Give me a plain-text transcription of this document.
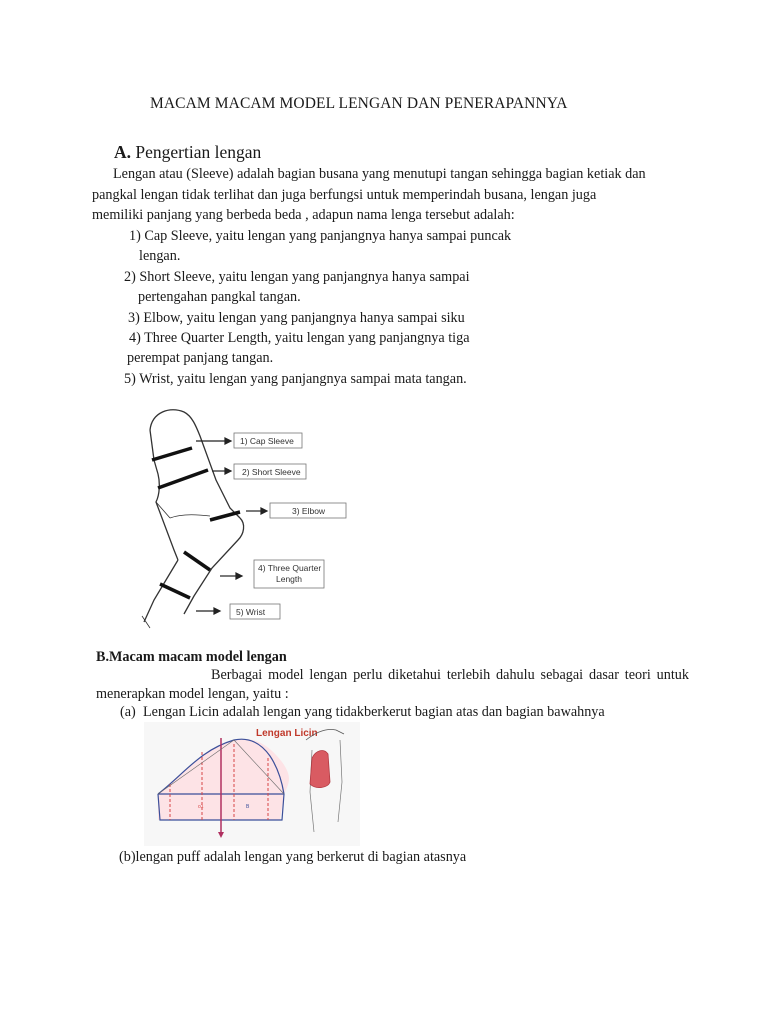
MACAM MACAM MODEL LENGAN DAN PENERAPANNYA
A. Pengertian lengan
Lengan atau (Sleeve) adalah bagian busana yang menutupi tangan sehingga bagian ketiak dan
pangkal lengan tidak terlihat dan juga berfungsi untuk memperindah busana, lengan juga
memiliki panjang yang berbeda beda , adapun nama lenga tersebut adalah:
1) Cap Sleeve, yaitu lengan yang panjangnya hanya sampai puncak
lengan.
2) Short Sleeve, yaitu lengan yang panjangnya hanya sampai
pertengahan pangkal tangan.
3) Elbow, yaitu lengan yang panjangnya hanya sampai siku
4) Three Quarter Length, yaitu lengan yang panjangnya tiga
perempat panjang tangan.
5) Wrist, yaitu lengan yang panjangnya sampai mata tangan.
1) Cap Sleeve
2) Short Sleeve
3) Elbow
4) Three Quarter
Length
5) Wrist
B.Macam macam model lengan
Berbagai model lengan perlu diketahui terlebih dahulu sebagai dasar teori untuk
menerapkan model lengan, yaitu :
(a) Lengan Licin adalah lengan yang tidakberkerut bagian atas dan bagian bawahnya
Lengan Licin
o1	B
(b)lengan puff adalah lengan yang berkerut di bagian atasnya
